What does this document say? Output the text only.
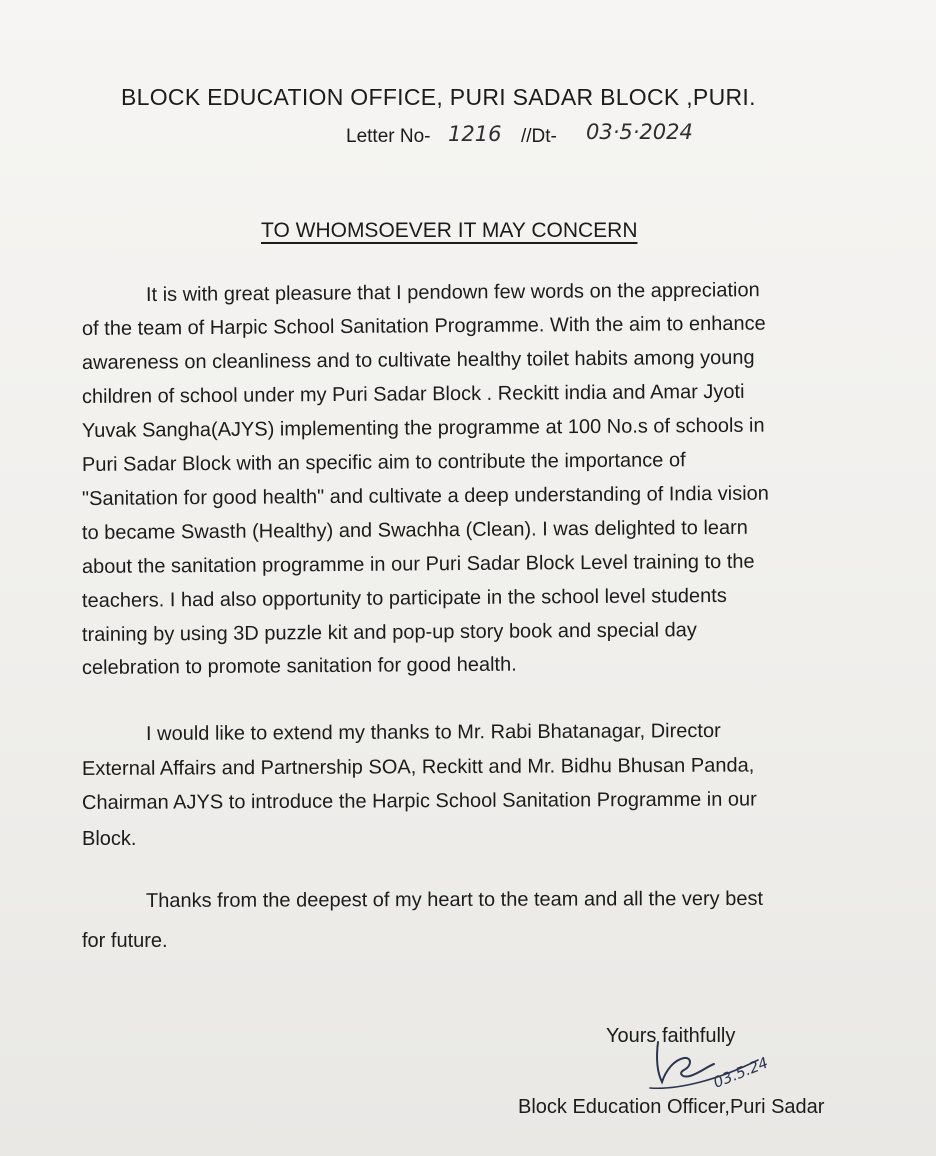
BLOCK EDUCATION OFFICE, PURI SADAR BLOCK ,PURI.
Letter No- 1216 //Dt- 03·5·2024
TO WHOMSOEVER IT MAY CONCERN
It is with great pleasure that I pendown few words on the appreciation
of the team of Harpic School Sanitation Programme. With the aim to enhance
awareness on cleanliness and to cultivate healthy toilet habits among young
children of school under my Puri Sadar Block . Reckitt india and Amar Jyoti
Yuvak Sangha(AJYS) implementing the programme at 100 No.s of schools in
Puri Sadar Block with an specific aim to contribute the importance of
"Sanitation for good health" and cultivate a deep understanding of India vision
to became Swasth (Healthy) and Swachha (Clean). I was delighted to learn
about the sanitation programme in our Puri Sadar Block Level training to the
teachers. I had also opportunity to participate in the school level students
training by using 3D puzzle kit and pop-up story book and special day
celebration to promote sanitation for good health.
I would like to extend my thanks to Mr. Rabi Bhatanagar, Director
External Affairs and Partnership SOA, Reckitt and Mr. Bidhu Bhusan Panda,
Chairman AJYS to introduce the Harpic School Sanitation Programme in our
Block.
Thanks from the deepest of my heart to the team and all the very best
for future.
Yours faithfully
03.5.24
Block Education Officer,Puri Sadar
